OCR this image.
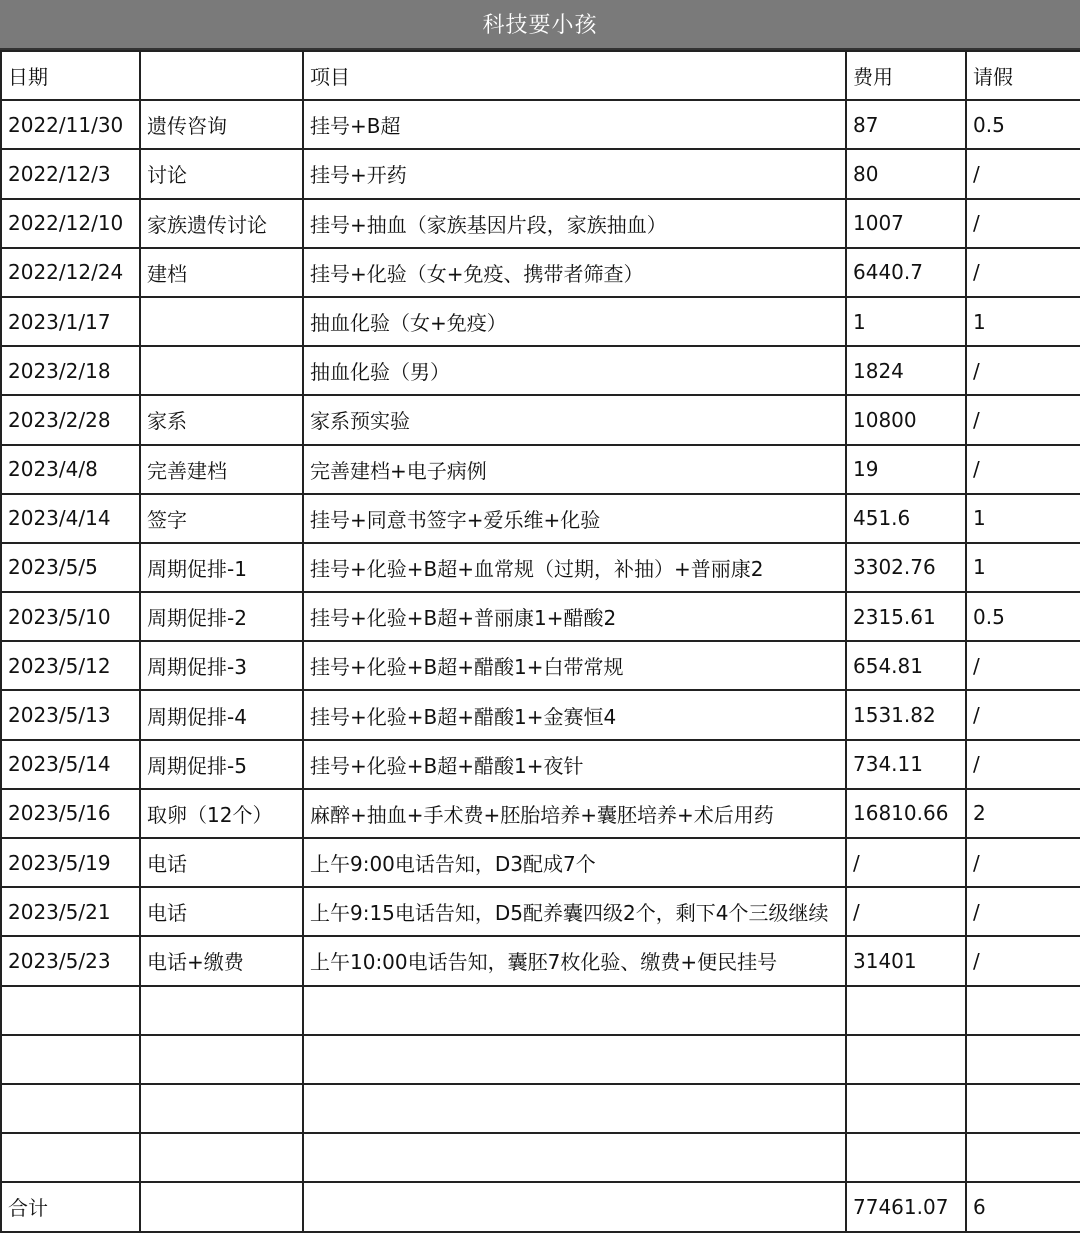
科技要小孩
日期		项目	费用	请假
2022/11/30	遗传咨询	挂号+B超	87	0.5
2022/12/3	讨论	挂号+开药	80	/
2022/12/10	家族遗传讨论	挂号+抽血（家族基因片段，家族抽血）	1007	/
2022/12/24	建档	挂号+化验（女+免疫、携带者筛查）	6440.7	/
2023/1/17		抽血化验（女+免疫）	1	1
2023/2/18		抽血化验（男）	1824	/
2023/2/28	家系	家系预实验	10800	/
2023/4/8	完善建档	完善建档+电子病例	19	/
2023/4/14	签字	挂号+同意书签字+爱乐维+化验	451.6	1
2023/5/5	周期促排-1	挂号+化验+B超+血常规（过期，补抽）+普丽康2	3302.76	1
2023/5/10	周期促排-2	挂号+化验+B超+普丽康1+醋酸2	2315.61	0.5
2023/5/12	周期促排-3	挂号+化验+B超+醋酸1+白带常规	654.81	/
2023/5/13	周期促排-4	挂号+化验+B超+醋酸1+金赛恒4	1531.82	/
2023/5/14	周期促排-5	挂号+化验+B超+醋酸1+夜针	734.11	/
2023/5/16	取卵（12个）	麻醉+抽血+手术费+胚胎培养+囊胚培养+术后用药	16810.66	2
2023/5/19	电话	上午9:00电话告知，D3配成7个	/	/
2023/5/21	电话	上午9:15电话告知，D5配养囊四级2个，剩下4个三级继续	/	/
2023/5/23	电话+缴费	上午10:00电话告知，囊胚7枚化验、缴费+便民挂号	31401	/

合计			77461.07	6
